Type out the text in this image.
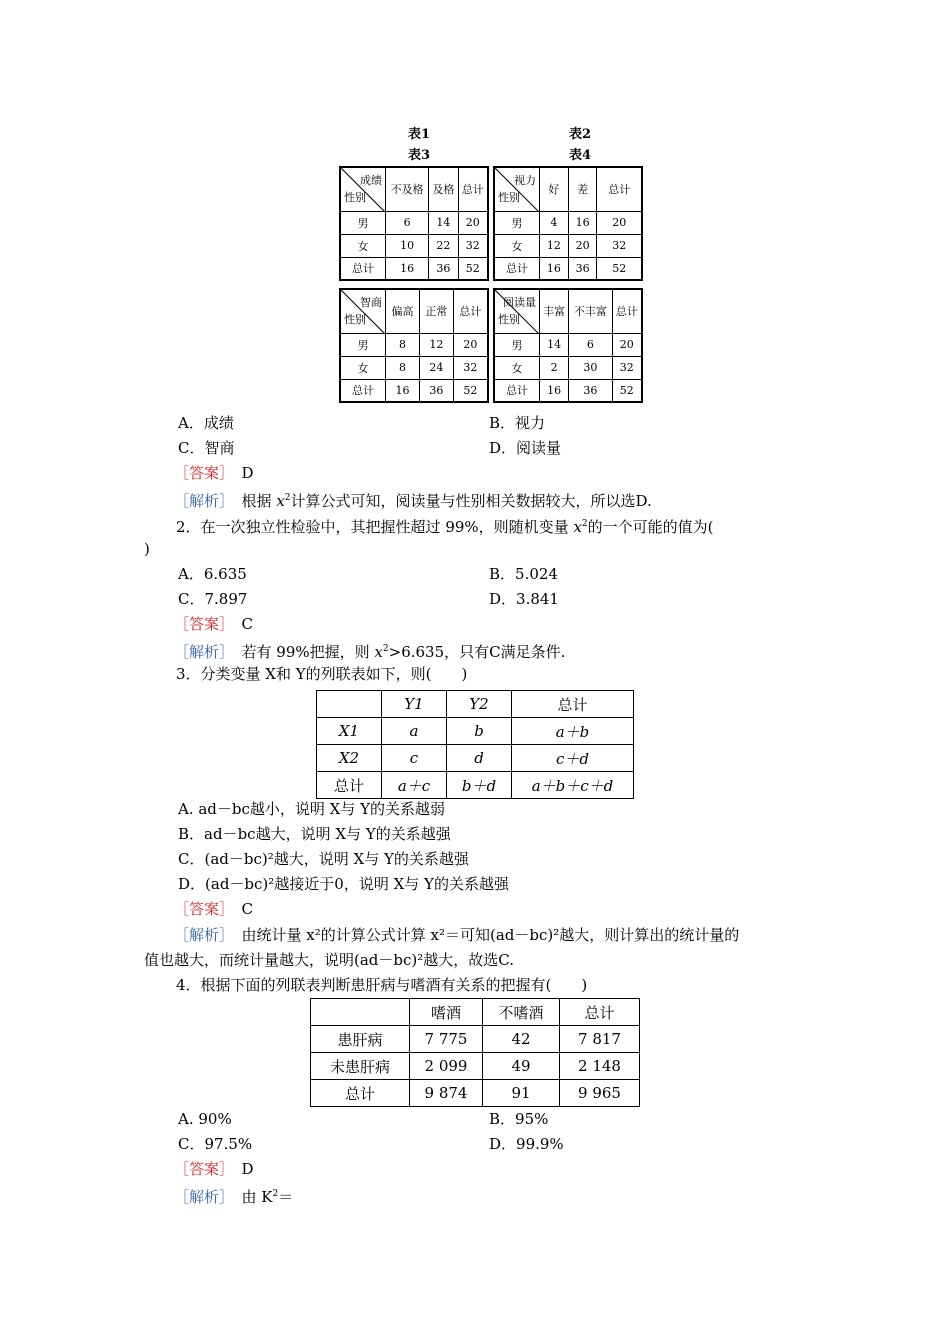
表1	表2
表3	表4
成绩
性别	不及格	及格	总计
男	6	14	20
女	10	22	32
总计	16	36	52
视力
性别	好	差	总计
男	4	16	20
女	12	20	32
总计	16	36	52
智商
性别	偏高	正常	总计
男	8	12	20
女	8	24	32
总计	16	36	52
阅读量
性别	丰富	不丰富	总计
男	14	6	20
女	2	30	32
总计	16	36	52
A．成绩	B．视力
C．智商	D．阅读量
［答案］　 D
［解析］　 根据 $x^2$计算公式可知，阅读量与性别相关数据较大，所以选D.
2．在一次独立性检验中，其把握性超过 99%，则随机变量 $x^2$的一个可能的值为(
)
A．6.635	B．5.024
C．7.897	D．3.841
［答案］　 C
［解析］　 若有 99%把握，则 $x^2>6.635$，只有C满足条件.
3．分类变量 X和 Y的列联表如下，则(　　)
	Y1	Y2	总计
X1	a	b	a＋b
X2	c	d	c＋d
总计	a＋c	b＋d	a＋b＋c＋d
A. ad－bc越小，说明 X与 Y的关系越弱
B．ad－bc越大，说明 X与 Y的关系越强
C．(ad－bc)²越大，说明 X与 Y的关系越强
D．(ad－bc)²越接近于0，说明 X与 Y的关系越强
［答案］　 C
［解析］　 由统计量 x²的计算公式计算 x²＝可知(ad－bc)²越大，则计算出的统计量的
值也越大，而统计量越大，说明(ad－bc)²越大，故选C.
4．根据下面的列联表判断患肝病与嗜酒有关系的把握有(　　)
	嗜酒	不嗜酒	总计
患肝病	7 775	42	7 817
未患肝病	2 099	49	2 148
总计	9 874	91	9 965
A. 90%	B．95%
C．97.5%	D．99.9%
［答案］　 D
［解析］　 由 $K^2=$
